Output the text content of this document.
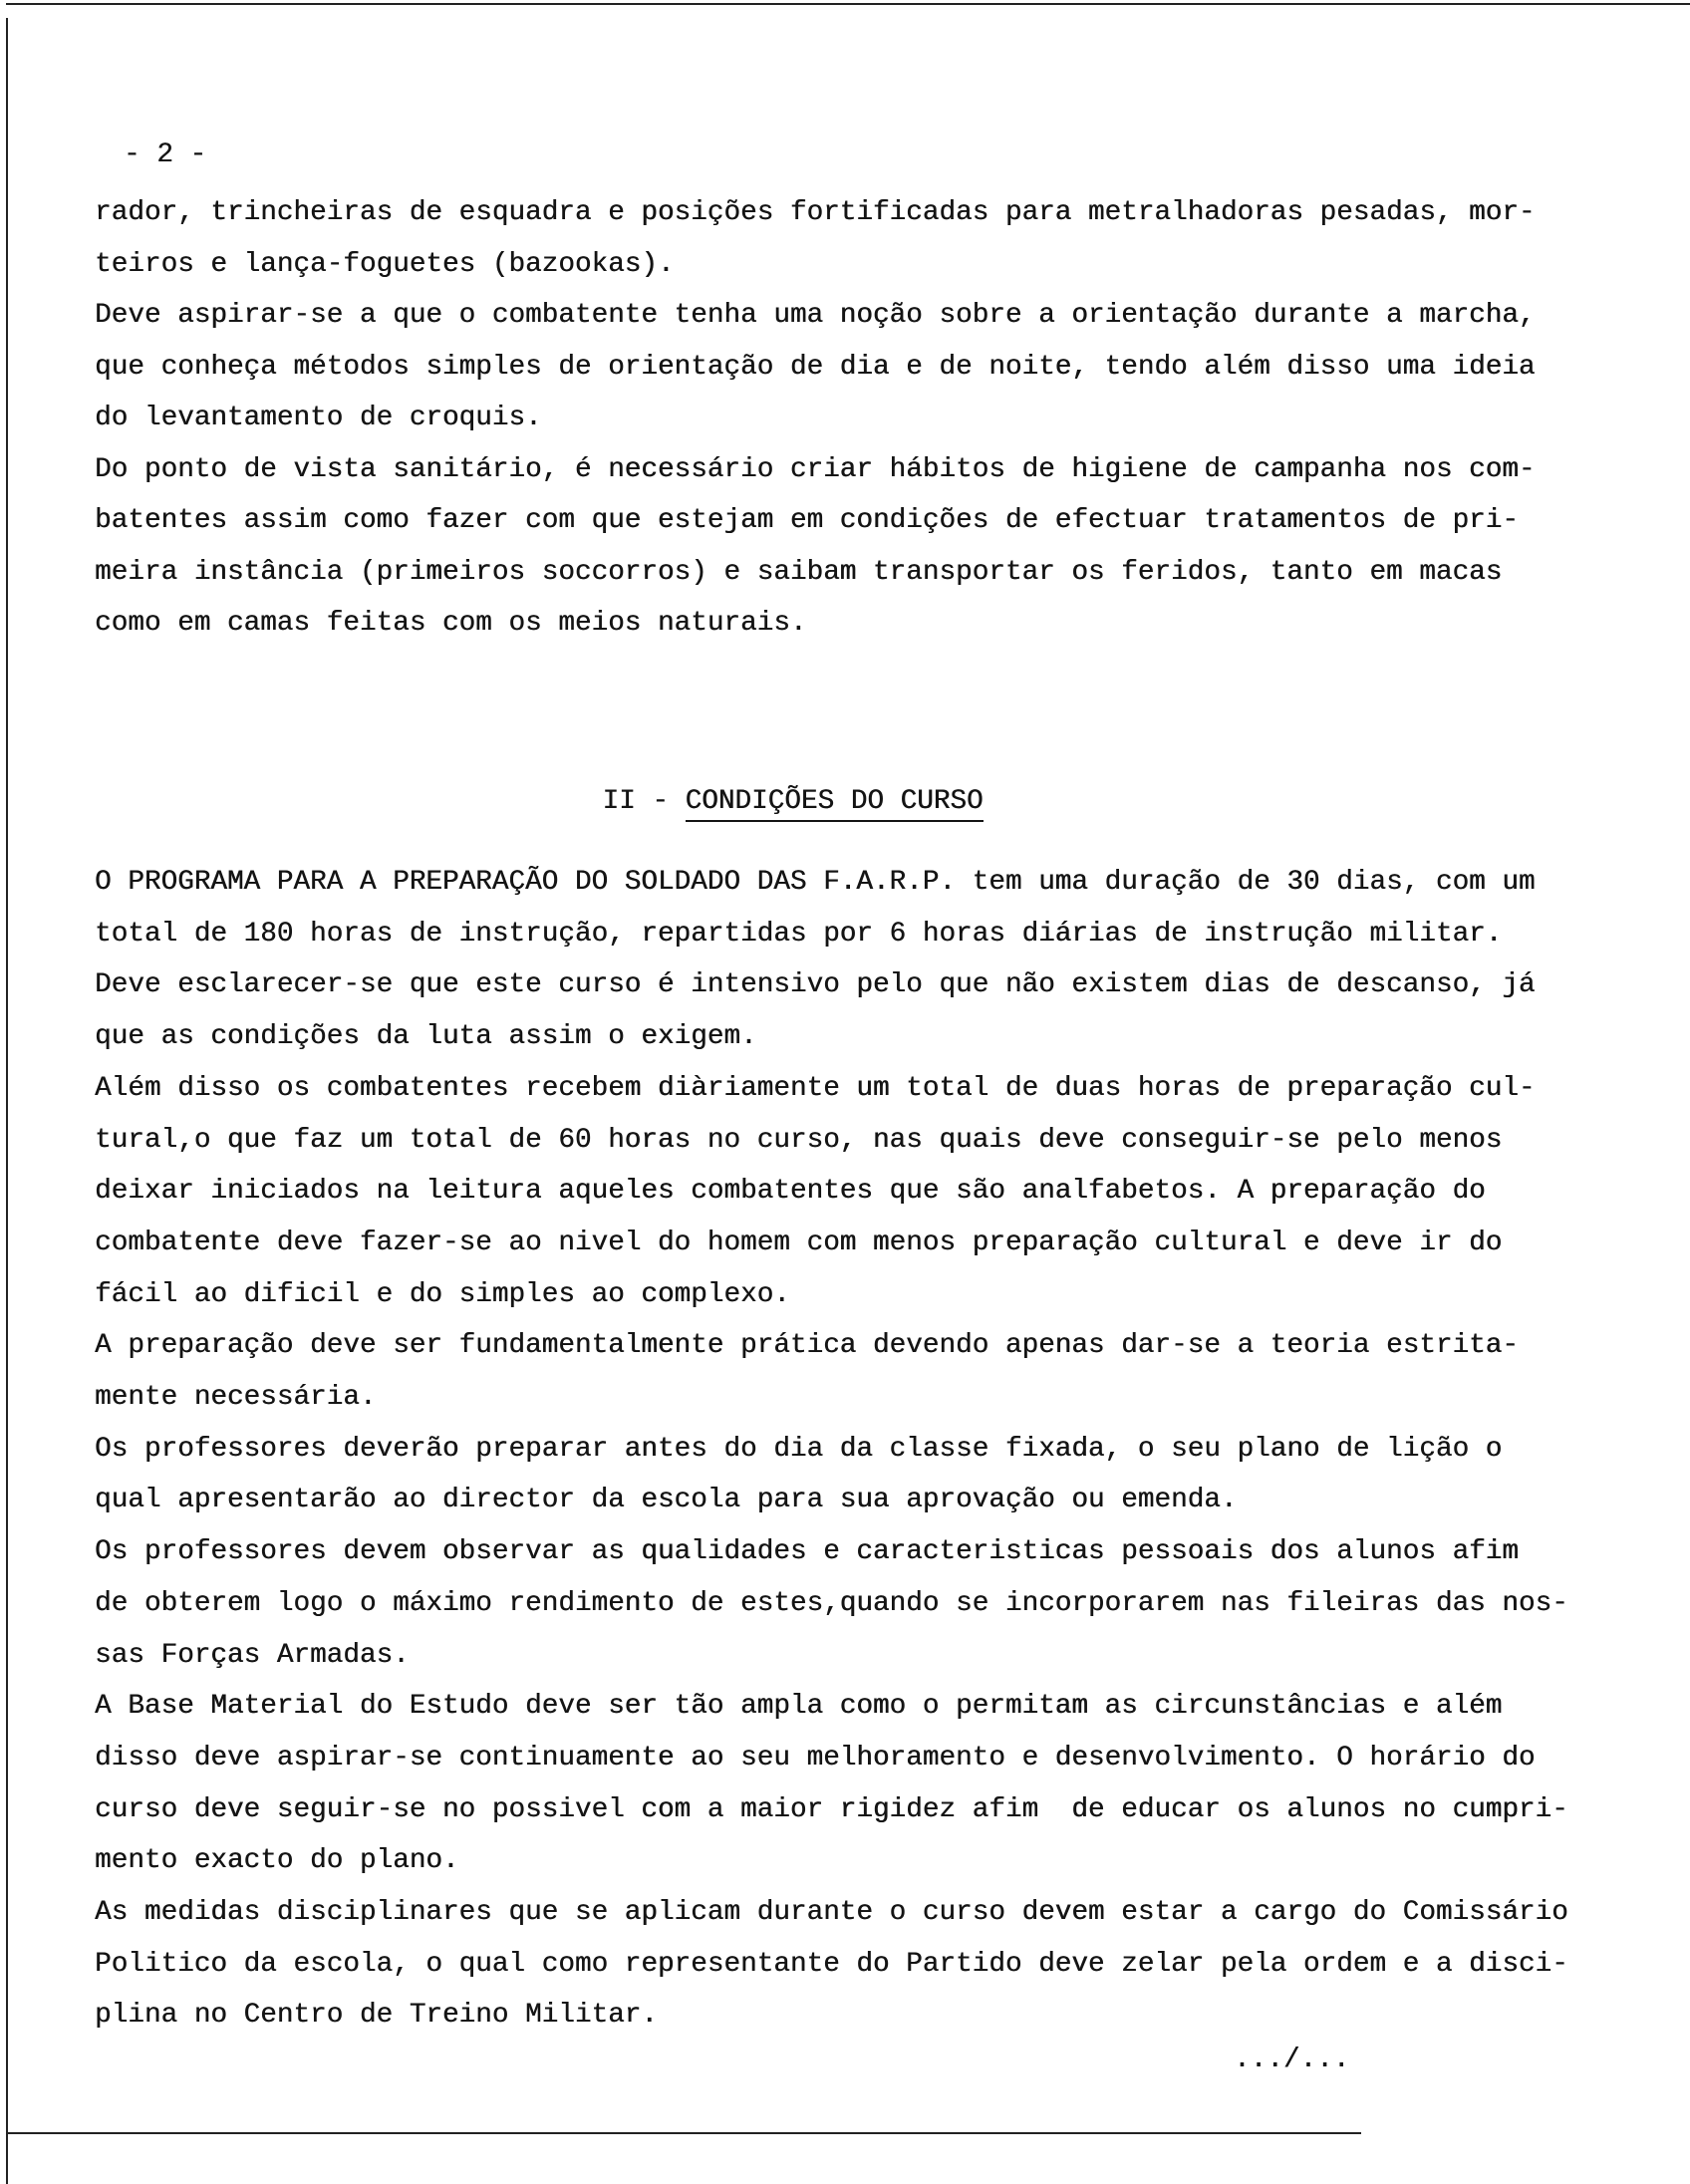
- 2 -
rador, trincheiras de esquadra e posições fortificadas para metralhadoras pesadas, mor-
teiros e lança-foguetes (bazookas).
Deve aspirar-se a que o combatente tenha uma noção sobre a orientação durante a marcha,
que conheça métodos simples de orientação de dia e de noite, tendo além disso uma ideia
do levantamento de croquis.
Do ponto de vista sanitário, é necessário criar hábitos de higiene de campanha nos com-
batentes assim como fazer com que estejam em condições de efectuar tratamentos de pri-
meira instância (primeiros soccorros) e saibam transportar os feridos, tanto em macas
como em camas feitas com os meios naturais.

II - CONDIÇÕES DO CURSO

O PROGRAMA PARA A PREPARAÇÃO DO SOLDADO DAS F.A.R.P. tem uma duração de 30 dias, com um
total de 180 horas de instrução, repartidas por 6 horas diárias de instrução militar.
Deve esclarecer-se que este curso é intensivo pelo que não existem dias de descanso, já
que as condições da luta assim o exigem.
Além disso os combatentes recebem diàriamente um total de duas horas de preparação cul-
tural,o que faz um total de 60 horas no curso, nas quais deve conseguir-se pelo menos
deixar iniciados na leitura aqueles combatentes que são analfabetos. A preparação do
combatente deve fazer-se ao nivel do homem com menos preparação cultural e deve ir do
fácil ao dificil e do simples ao complexo.
A preparação deve ser fundamentalmente prática devendo apenas dar-se a teoria estrita-
mente necessária.
Os professores deverão preparar antes do dia da classe fixada, o seu plano de lição o
qual apresentarão ao director da escola para sua aprovação ou emenda.
Os professores devem observar as qualidades e caracteristicas pessoais dos alunos afim
de obterem logo o máximo rendimento de estes,quando se incorporarem nas fileiras das nos-
sas Forças Armadas.
A Base Material do Estudo deve ser tão ampla como o permitam as circunstâncias e além
disso deve aspirar-se continuamente ao seu melhoramento e desenvolvimento. O horário do
curso deve seguir-se no possivel com a maior rigidez afim  de educar os alunos no cumpri-
mento exacto do plano.
As medidas disciplinares que se aplicam durante o curso devem estar a cargo do Comissário
Politico da escola, o qual como representante do Partido deve zelar pela ordem e a disci-
plina no Centro de Treino Militar.
.../...
